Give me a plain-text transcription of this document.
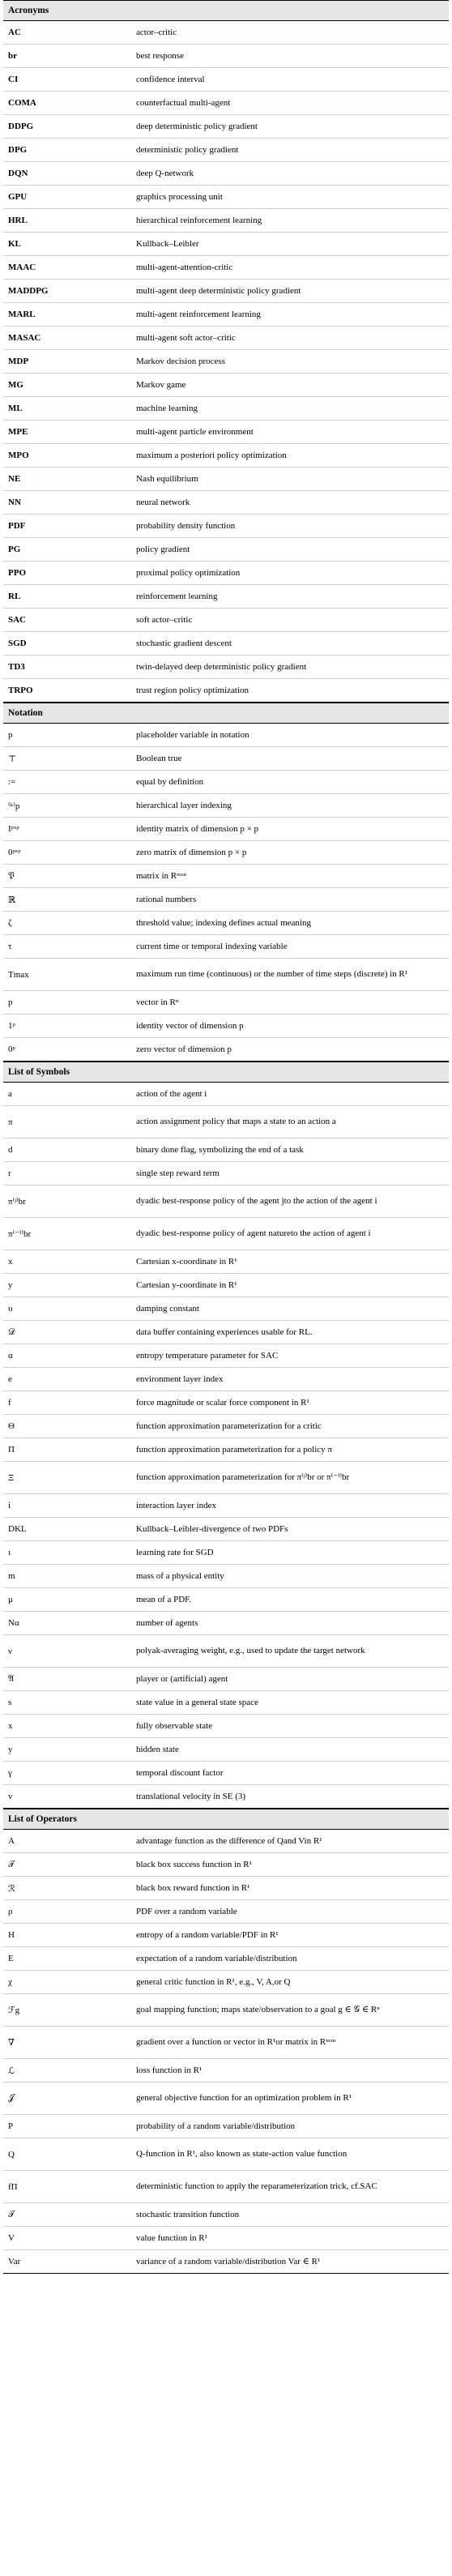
Acronyms
AC	actor–critic
br	best response
CI	confidence interval
COMA	counterfactual multi-agent
DDPG	deep deterministic policy gradient
DPG	deterministic policy gradient
DQN	deep Q-network
GPU	graphics processing unit
HRL	hierarchical reinforcement learning
KL	Kullback–Leibler
MAAC	multi-agent-attention-critic
MADDPG	multi-agent deep deterministic policy gradient
MARL	multi-agent reinforcement learning
MASAC	multi-agent soft actor–critic
MDP	Markov decision process
MG	Markov game
ML	machine learning
MPE	multi-agent particle environment
MPO	maximum a posteriori policy optimization
NE	Nash equilibrium
NN	neural network
PDF	probability density function
PG	policy gradient
PPO	proximal policy optimization
RL	reinforcement learning
SAC	soft actor–critic
SGD	stochastic gradient descent
TD3	twin-delayed deep deterministic policy gradient
TRPO	trust region policy optimization
Notation
p	placeholder variable in notation
⊤	Boolean true
:=	equal by definition
⁽ᵏ⁾p	hierarchical layer indexing
Iᵖˣᵖ	identity matrix of dimension p × p
0ᵖˣᵖ	zero matrix of dimension p × p
𝔓	matrix in Rᵐˣⁿ
ℝ	rational numbers
ζ	threshold value; indexing defines actual meaning
τ	current time or temporal indexing variable
Tmax	maximum run time (continuous) or the number of time steps (discrete) in R¹
p	vector in Rⁿ
1ᵖ	identity vector of dimension p
0ᵖ	zero vector of dimension p
List of Symbols
a	action of the agent i
π	action assignment policy that maps a state to an action a
d	binary done flag, symbolizing the end of a task
r	single step reward term
π⁽ʲ⁾br	dyadic best-response policy of the agent jto the action of the agent i
π⁽⁻ⁱ⁾br	dyadic best-response policy of agent natureto the action of agent i
x	Cartesian x-coordinate in R¹
y	Cartesian y-coordinate in R¹
υ	damping constant
𝒟	data buffer containing experiences usable for RL.
α	entropy temperature parameter for SAC
e	environment layer index
f	force magnitude or scalar force component in R¹
Θ	function approximation parameterization for a critic
Π	function approximation parameterization for a policy π
Ξ	function approximation parameterization for π⁽ʲ⁾br or π⁽⁻ⁱ⁾br
i	interaction layer index
DKL	Kullback–Leibler-divergence of two PDFs
ι	learning rate for SGD
m	mass of a physical entity
μ	mean of a PDF.
Nα	number of agents
ν	polyak-averaging weight, e.g., used to update the target network
𝔄	player or (artificial) agent
s	state value in a general state space
x	fully observable state
y	hidden state
γ	temporal discount factor
v	translational velocity in SE (3)
List of Operators
A	advantage function as the difference of Qand Vin R¹
𝒯	black box success function in R¹
ℛ	black box reward function in R¹
ρ	PDF over a random variable
H	entropy of a random variable/PDF in R¹
E	expectation of a random variable/distribution
χ	general critic function in R¹, e.g., V, A,or Q
ℱg	goal mapping function; maps state/observation to a goal g ∈ 𝒢 ∈ Rⁿ
∇	gradient over a function or vector in R¹or matrix in Rᵐˣⁿ
ℒ	loss function in R¹
𝒥	general objective function for an optimization problem in R¹
P	probability of a random variable/distribution
Q	Q-function in R¹, also known as state-action value function
fΠ	deterministic function to apply the reparameterization trick, cf.SAC
𝒯	stochastic transition function
V	value function in R¹
Var	variance of a random variable/distribution Var ∈ R¹
